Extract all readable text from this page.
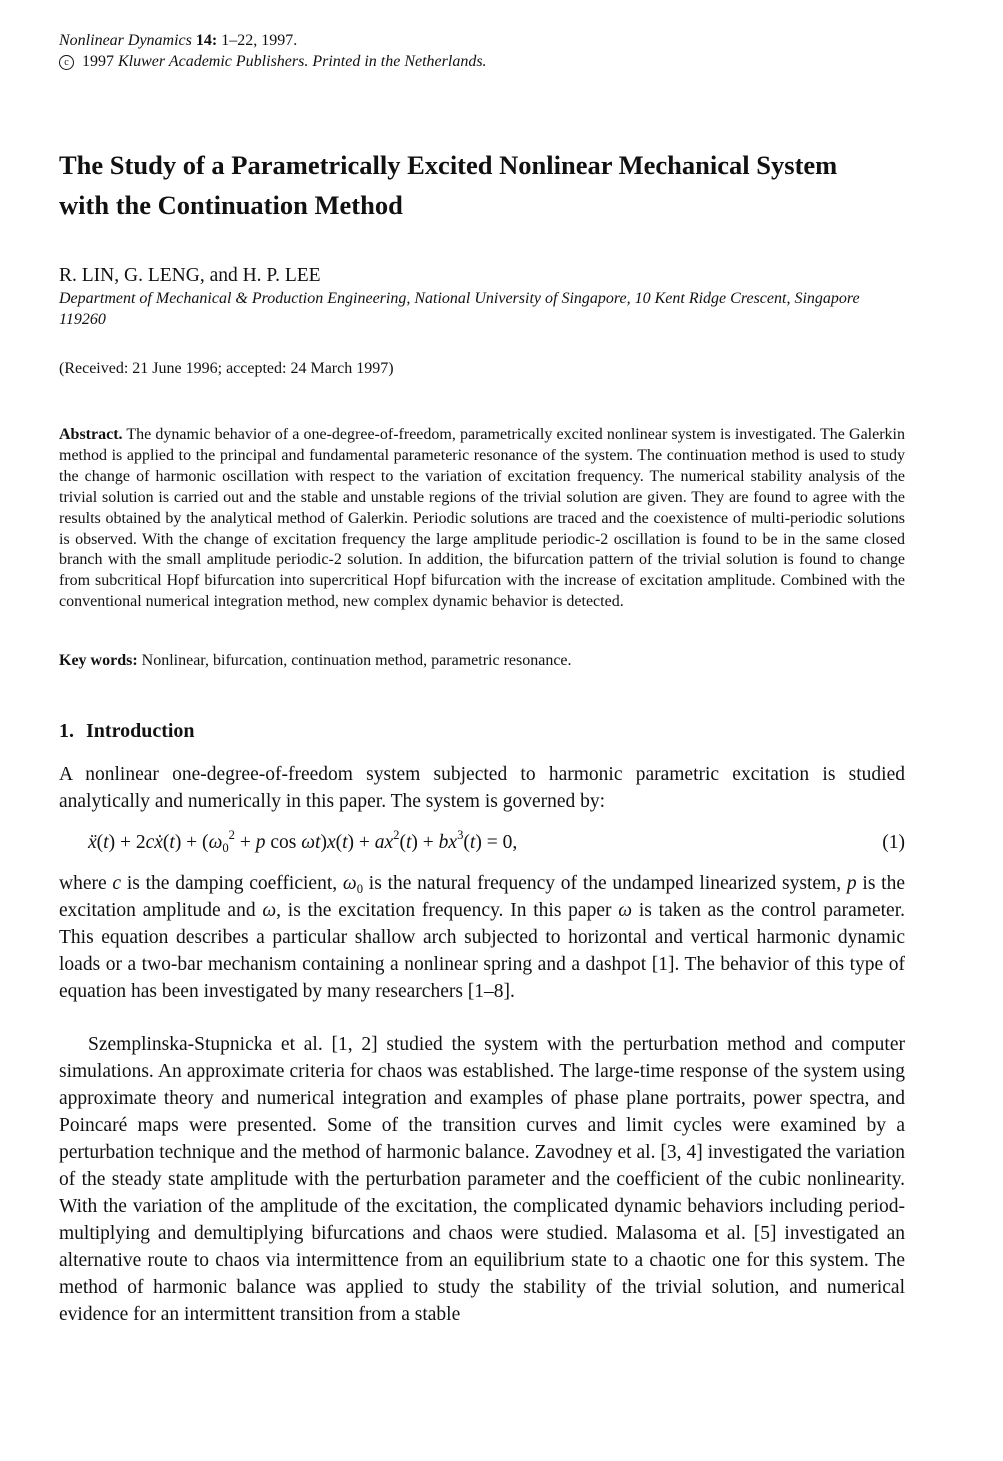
Nonlinear Dynamics 14: 1–22, 1997.
c 1997 Kluwer Academic Publishers. Printed in the Netherlands.
The Study of a Parametrically Excited Nonlinear Mechanical System with the Continuation Method
R. LIN, G. LENG, and H. P. LEE
Department of Mechanical & Production Engineering, National University of Singapore, 10 Kent Ridge Crescent, Singapore 119260
(Received: 21 June 1996; accepted: 24 March 1997)

Abstract. The dynamic behavior of a one-degree-of-freedom, parametrically excited nonlinear system is investigated. The Galerkin method is applied to the principal and fundamental parameteric resonance of the system. The continuation method is used to study the change of harmonic oscillation with respect to the variation of excitation frequency. The numerical stability analysis of the trivial solution is carried out and the stable and unstable regions of the trivial solution are given. They are found to agree with the results obtained by the analytical method of Galerkin. Periodic solutions are traced and the coexistence of multi-periodic solutions is observed. With the change of excitation frequency the large amplitude periodic-2 oscillation is found to be in the same closed branch with the small amplitude periodic-2 solution. In addition, the bifurcation pattern of the trivial solution is found to change from subcritical Hopf bifurcation into supercritical Hopf bifurcation with the increase of excitation amplitude. Combined with the conventional numerical integration method, new complex dynamic behavior is detected.

Key words: Nonlinear, bifurcation, continuation method, parametric resonance.
1. Introduction

A nonlinear one-degree-of-freedom system subjected to harmonic parametric excitation is studied analytically and numerically in this paper. The system is governed by:

ẍ(t) + 2cẋ(t) + ($\omega_0^2 + p$ $\cos \omega t)x(t) + ax^2(t) + bx^3(t) = 0$,	(1)

where c is the damping coefficient, $\omega_0$ is the natural frequency of the undamped linearized system, p is the excitation amplitude and ω, is the excitation frequency. In this paper ω is taken as the control parameter. This equation describes a particular shallow arch subjected to horizontal and vertical harmonic dynamic loads or a two-bar mechanism containing a nonlinear spring and a dashpot [1]. The behavior of this type of equation has been investigated by many researchers [1–8].

Szemplinska-Stupnicka et al. [1, 2] studied the system with the perturbation method and computer simulations. An approximate criteria for chaos was established. The large-time response of the system using approximate theory and numerical integration and examples of phase plane portraits, power spectra, and Poincaré maps were presented. Some of the transition curves and limit cycles were examined by a perturbation technique and the method of harmonic balance. Zavodney et al. [3, 4] investigated the variation of the steady state amplitude with the perturbation parameter and the coefficient of the cubic nonlinearity. With the variation of the amplitude of the excitation, the complicated dynamic behaviors including period-multiplying and demultiplying bifurcations and chaos were studied. Malasoma et al. [5] investigated an alternative route to chaos via intermittence from an equilibrium state to a chaotic one for this system. The method of harmonic balance was applied to study the stability of the trivial solution, and numerical evidence for an intermittent transition from a stable
